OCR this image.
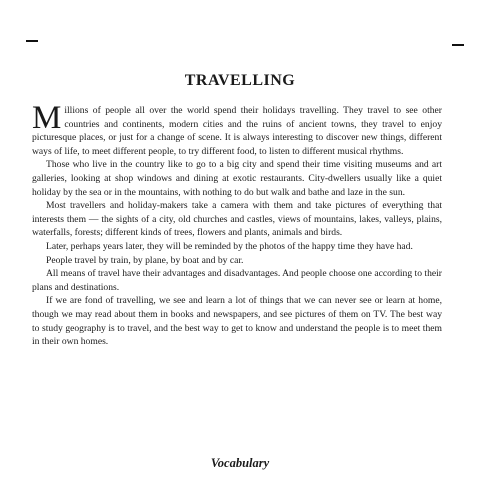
TRAVELLING

Millions of people all over the world spend their holidays travelling. They travel to see other countries and continents, modern cities and the ruins of ancient towns, they travel to enjoy picturesque places, or just for a change of scene. It is always interesting to discover new things, different ways of life, to meet different people, to try different food, to listen to different musical rhythms.

Those who live in the country like to go to a big city and spend their time visiting museums and art galleries, looking at shop windows and dining at exotic restaurants. City-dwellers usually like a quiet holiday by the sea or in the mountains, with nothing to do but walk and bathe and laze in the sun.

Most travellers and holiday-makers take a camera with them and take pictures of everything that interests them — the sights of a city, old churches and castles, views of mountains, lakes, valleys, plains, waterfalls, forests; different kinds of trees, flowers and plants, animals and birds.

Later, perhaps years later, they will be reminded by the photos of the happy time they have had.

People travel by train, by plane, by boat and by car.

All means of travel have their advantages and disadvantages. And people choose one according to their plans and destinations.

If we are fond of travelling, we see and learn a lot of things that we can never see or learn at home, though we may read about them in books and newspapers, and see pictures of them on TV. The best way to study geography is to travel, and the best way to get to know and understand the people is to meet them in their own homes.

Vocabulary
